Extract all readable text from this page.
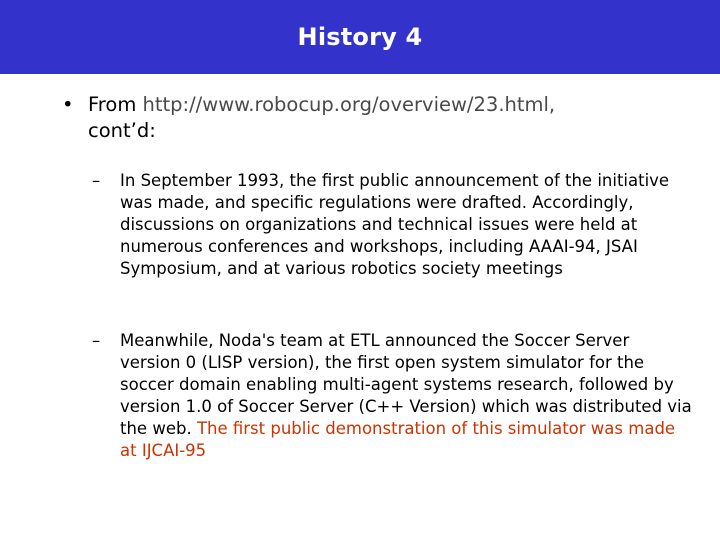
History 4
• From http://www.robocup.org/overview/23.html,
cont’d:
– In September 1993, the first public announcement of the initiative was made, and specific regulations were drafted. Accordingly, discussions on organizations and technical issues were held at numerous conferences and workshops, including AAAI-94, JSAI Symposium, and at various robotics society meetings
– Meanwhile, Noda's team at ETL announced the Soccer Server version 0 (LISP version), the first open system simulator for the soccer domain enabling multi-agent systems research, followed by version 1.0 of Soccer Server (C++ Version) which was distributed via the web. The first public demonstration of this simulator was made at IJCAI-95
